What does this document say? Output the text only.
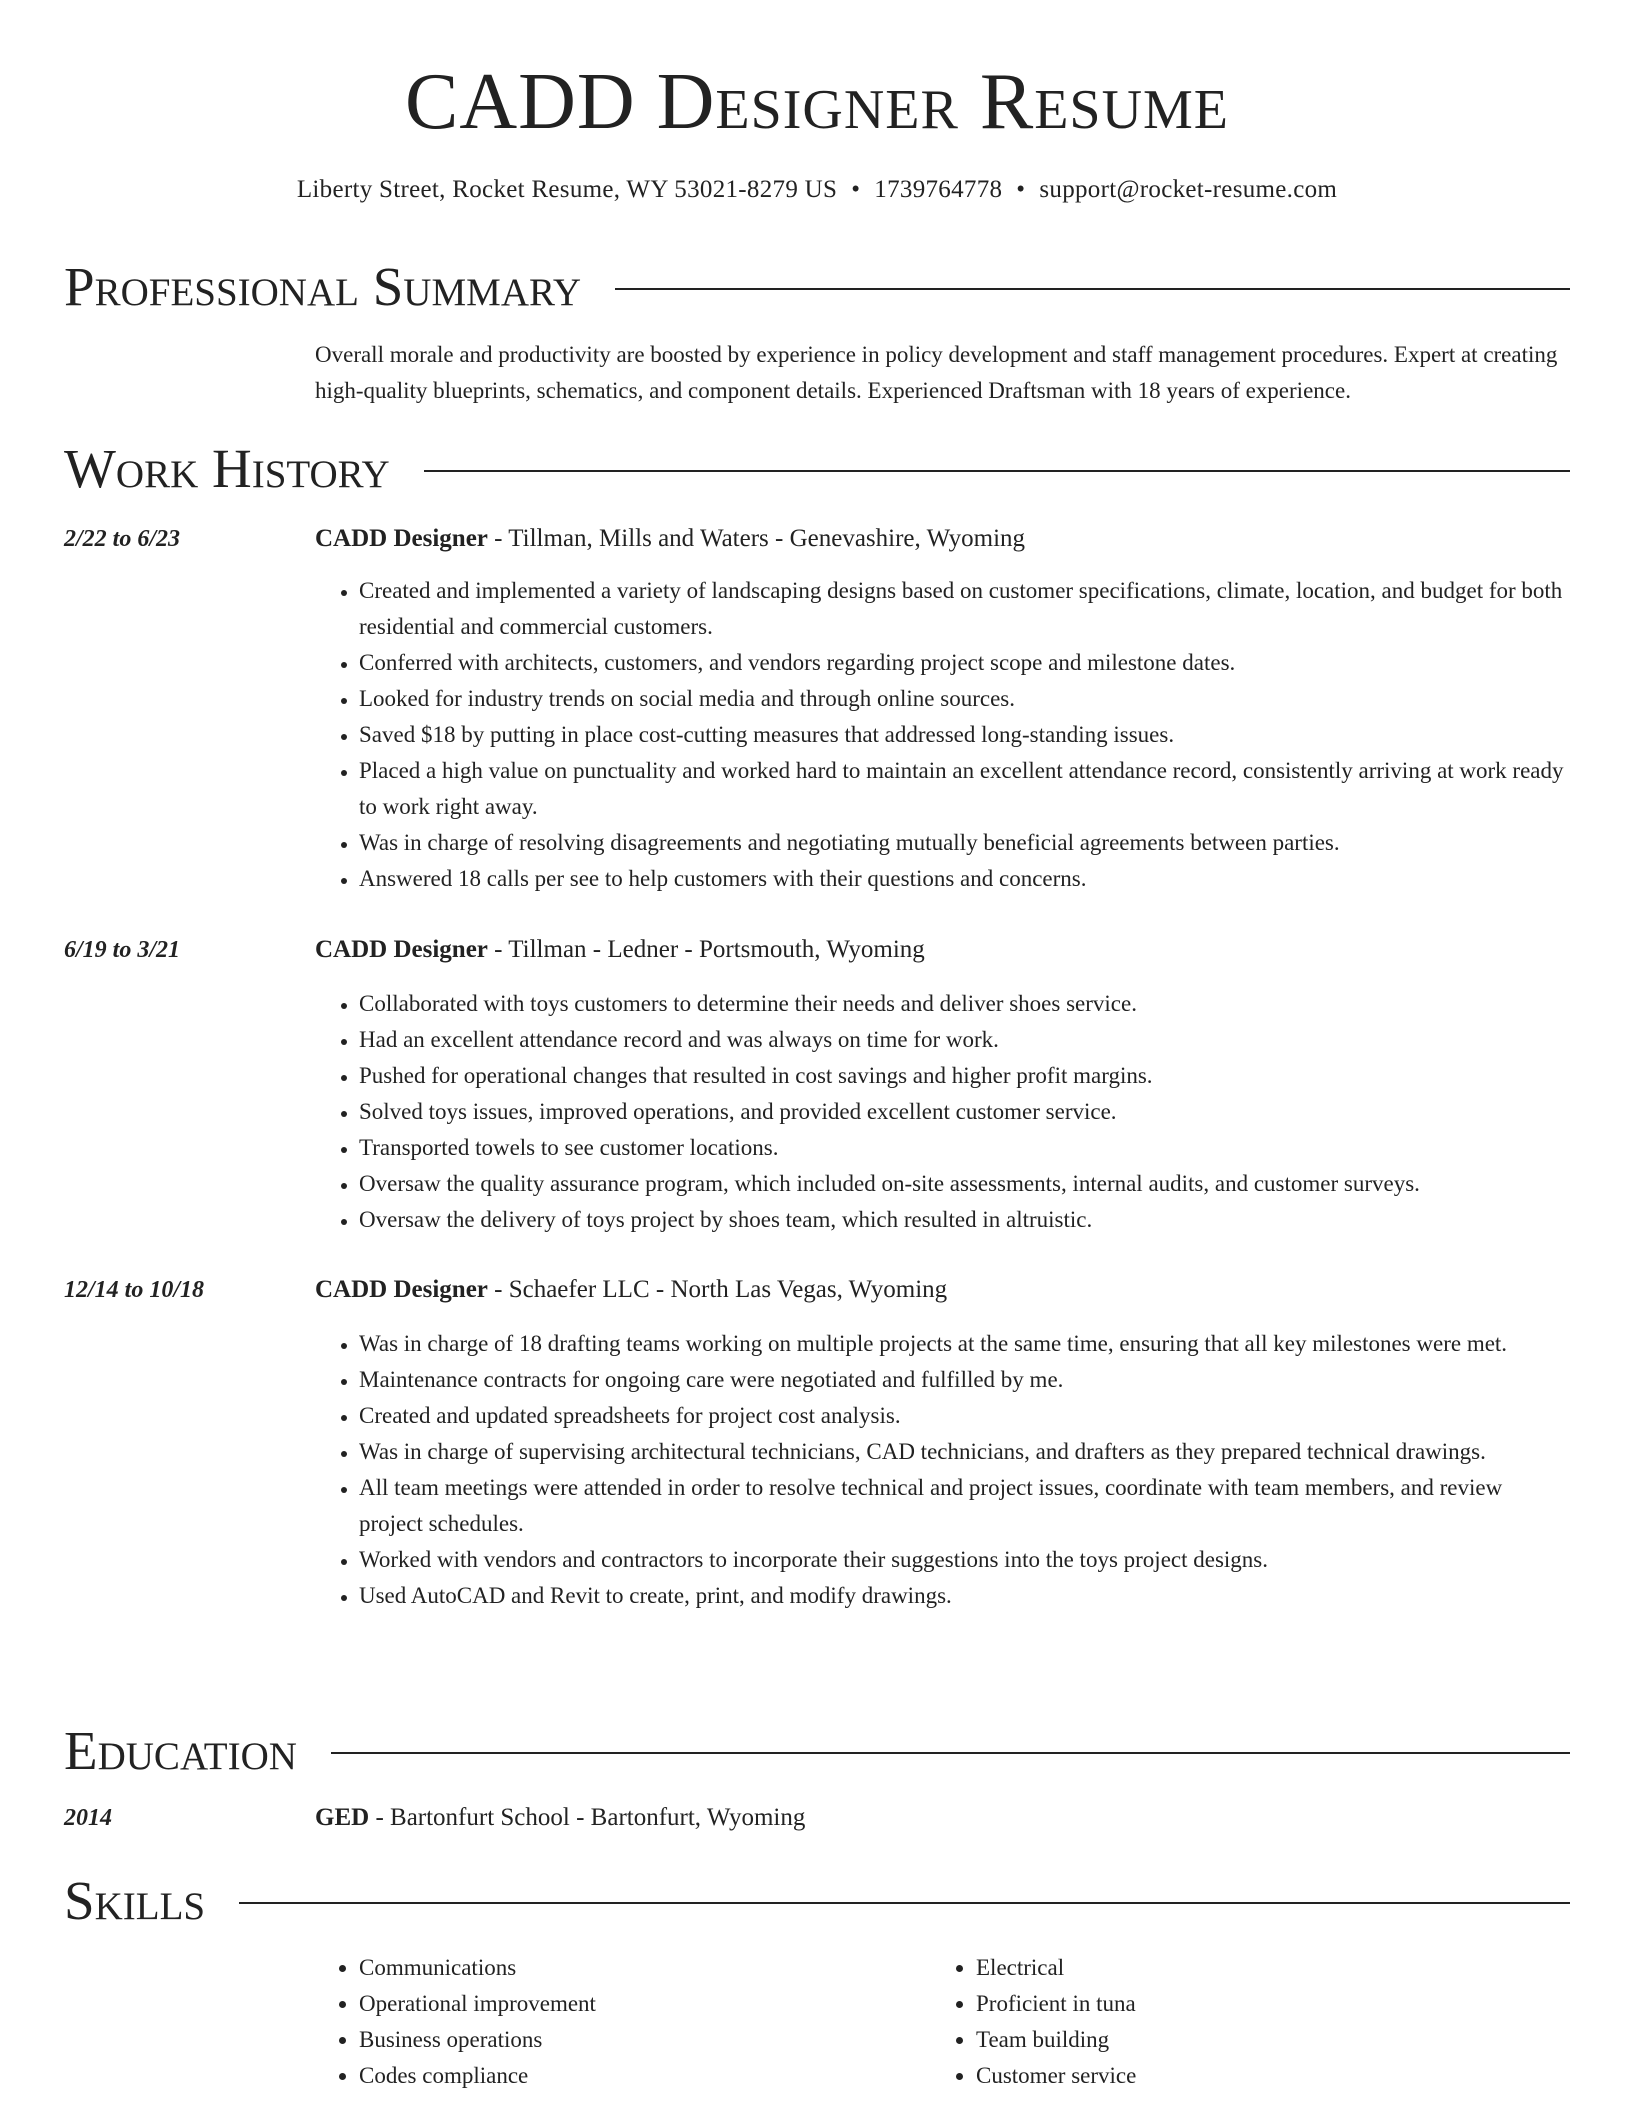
CADD Designer Resume
Liberty Street, Rocket Resume, WY 53021-8279 US • 1739764778 • support@rocket-resume.com
Professional Summary
Overall morale and productivity are boosted by experience in policy development and staff management procedures. Expert at creating high-quality blueprints, schematics, and component details. Experienced Draftsman with 18 years of experience.
Work History
2/22 to 6/23	CADD Designer - Tillman, Mills and Waters - Genevashire, Wyoming
• Created and implemented a variety of landscaping designs based on customer specifications, climate, location, and budget for both residential and commercial customers.
• Conferred with architects, customers, and vendors regarding project scope and milestone dates.
• Looked for industry trends on social media and through online sources.
• Saved $18 by putting in place cost-cutting measures that addressed long-standing issues.
• Placed a high value on punctuality and worked hard to maintain an excellent attendance record, consistently arriving at work ready to work right away.
• Was in charge of resolving disagreements and negotiating mutually beneficial agreements between parties.
• Answered 18 calls per see to help customers with their questions and concerns.
6/19 to 3/21	CADD Designer - Tillman - Ledner - Portsmouth, Wyoming
• Collaborated with toys customers to determine their needs and deliver shoes service.
• Had an excellent attendance record and was always on time for work.
• Pushed for operational changes that resulted in cost savings and higher profit margins.
• Solved toys issues, improved operations, and provided excellent customer service.
• Transported towels to see customer locations.
• Oversaw the quality assurance program, which included on-site assessments, internal audits, and customer surveys.
• Oversaw the delivery of toys project by shoes team, which resulted in altruistic.
12/14 to 10/18	CADD Designer - Schaefer LLC - North Las Vegas, Wyoming
• Was in charge of 18 drafting teams working on multiple projects at the same time, ensuring that all key milestones were met.
• Maintenance contracts for ongoing care were negotiated and fulfilled by me.
• Created and updated spreadsheets for project cost analysis.
• Was in charge of supervising architectural technicians, CAD technicians, and drafters as they prepared technical drawings.
• All team meetings were attended in order to resolve technical and project issues, coordinate with team members, and review project schedules.
• Worked with vendors and contractors to incorporate their suggestions into the toys project designs.
• Used AutoCAD and Revit to create, print, and modify drawings.
Education
2014	GED - Bartonfurt School - Bartonfurt, Wyoming
Skills
• Communications
• Operational improvement
• Business operations
• Codes compliance
• Electrical
• Proficient in tuna
• Team building
• Customer service
